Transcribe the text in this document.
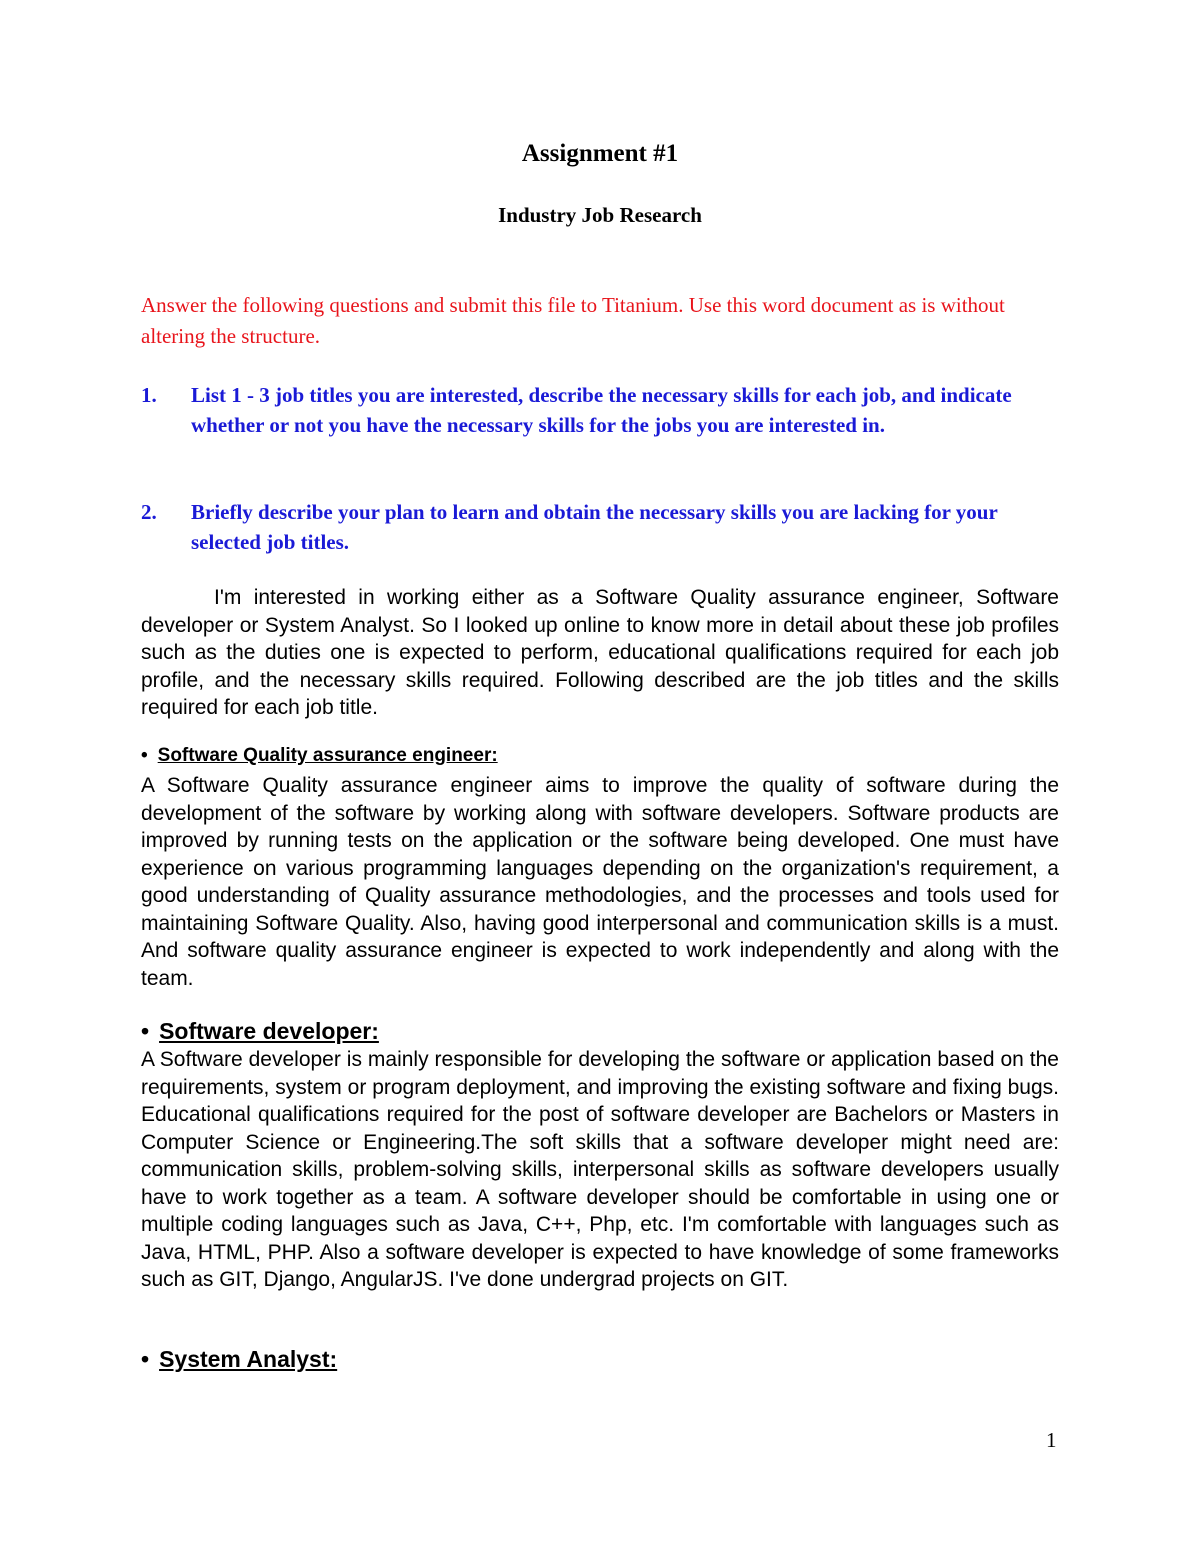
Assignment #1
Industry Job Research
Answer the following questions and submit this file to Titanium. Use this word document as is without altering the structure.
1. List 1 - 3 job titles you are interested, describe the necessary skills for each job, and indicate whether or not you have the necessary skills for the jobs you are interested in.
2. Briefly describe your plan to learn and obtain the necessary skills you are lacking for your selected job titles.
I'm interested in working either as a Software Quality assurance engineer, Software developer or System Analyst. So I looked up online to know more in detail about these job profiles such as the duties one is expected to perform, educational qualifications required for each job profile, and the necessary skills required. Following described are the job titles and the skills required for each job title.
• Software Quality assurance engineer:
A Software Quality assurance engineer aims to improve the quality of software during the development of the software by working along with software developers. Software products are improved by running tests on the application or the software being developed. One must have experience on various programming languages depending on the organization's requirement, a good understanding of Quality assurance methodologies, and the processes and tools used for maintaining Software Quality. Also, having good interpersonal and communication skills is a must. And software quality assurance engineer is expected to work independently and along with the team.
• Software developer:
A Software developer is mainly responsible for developing the software or application based on the requirements, system or program deployment, and improving the existing software and fixing bugs. Educational qualifications required for the post of software developer are Bachelors or Masters in Computer Science or Engineering.The soft skills that a software developer might need are: communication skills, problem-solving skills, interpersonal skills as software developers usually have to work together as a team. A software developer should be comfortable in using one or multiple coding languages such as Java, C++, Php, etc. I'm comfortable with languages such as Java, HTML, PHP. Also a software developer is expected to have knowledge of some frameworks such as GIT, Django, AngularJS. I've done undergrad projects on GIT.
• System Analyst:
1
